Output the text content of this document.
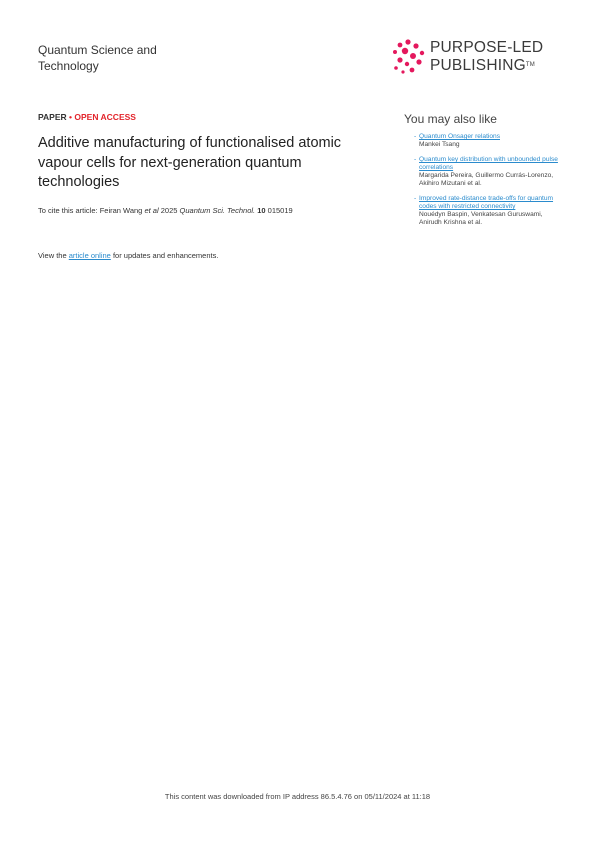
Quantum Science and
Technology
PURPOSE-LED
PUBLISHING™
PAPER • OPEN ACCESS
Additive manufacturing of functionalised atomic
vapour cells for next-generation quantum
technologies
To cite this article: Feiran Wang et al 2025 Quantum Sci. Technol. 10 015019
View the article online for updates and enhancements.
You may also like
- Quantum Onsager relations
Mankei Tsang
- Quantum key distribution with unbounded pulse correlations
Margarida Pereira, Guillermo Currás-Lorenzo, Akihiro Mizutani et al.
- Improved rate-distance trade-offs for quantum codes with restricted connectivity
Nouédyn Baspin, Venkatesan Guruswami, Anirudh Krishna et al.
This content was downloaded from IP address 86.5.4.76 on 05/11/2024 at 11:18
